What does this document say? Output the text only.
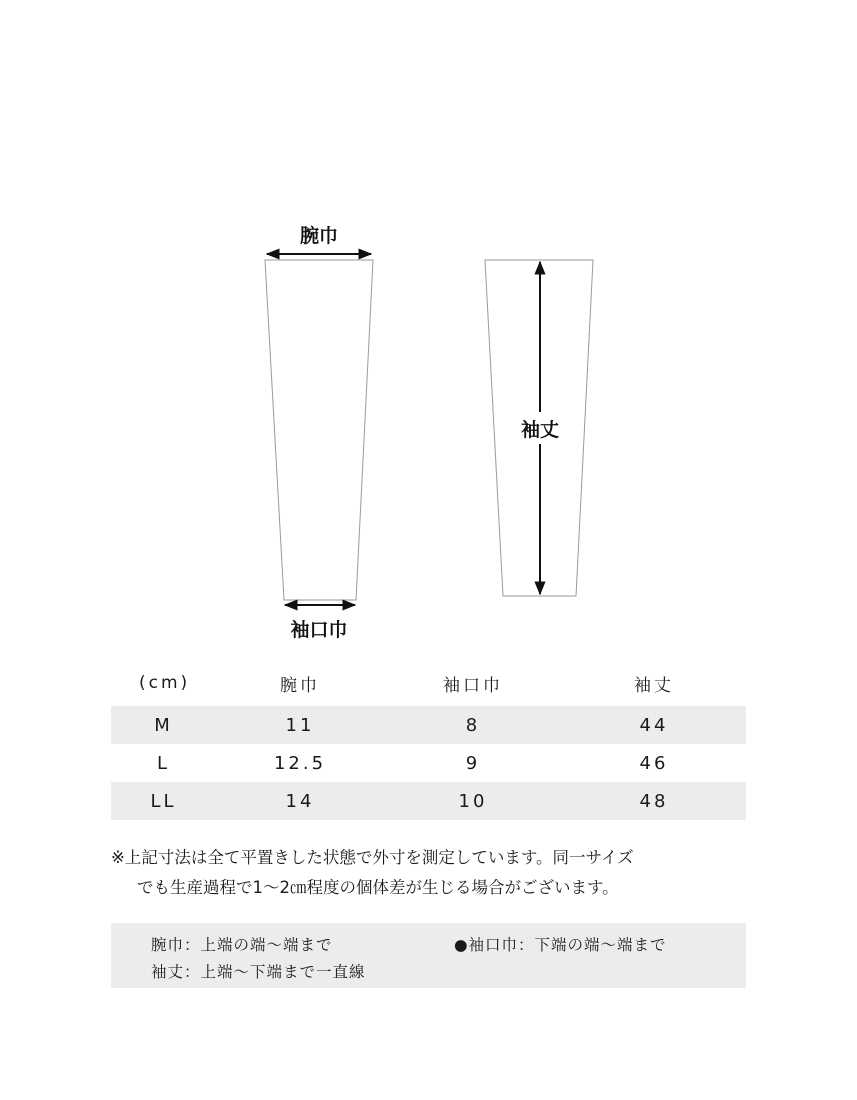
腕巾
袖口巾
袖丈
(cm)	腕巾	袖口巾	袖丈
M	11	8	44
L	12.5	9	46
LL	14	10	48
※上記寸法は全て平置きした状態で外寸を測定しています。同一サイズ
でも生産過程で1〜2㎝程度の個体差が生じる場合がございます。
腕巾：上端の端〜端まで	●袖口巾：下端の端〜端まで
袖丈：上端〜下端まで一直線
